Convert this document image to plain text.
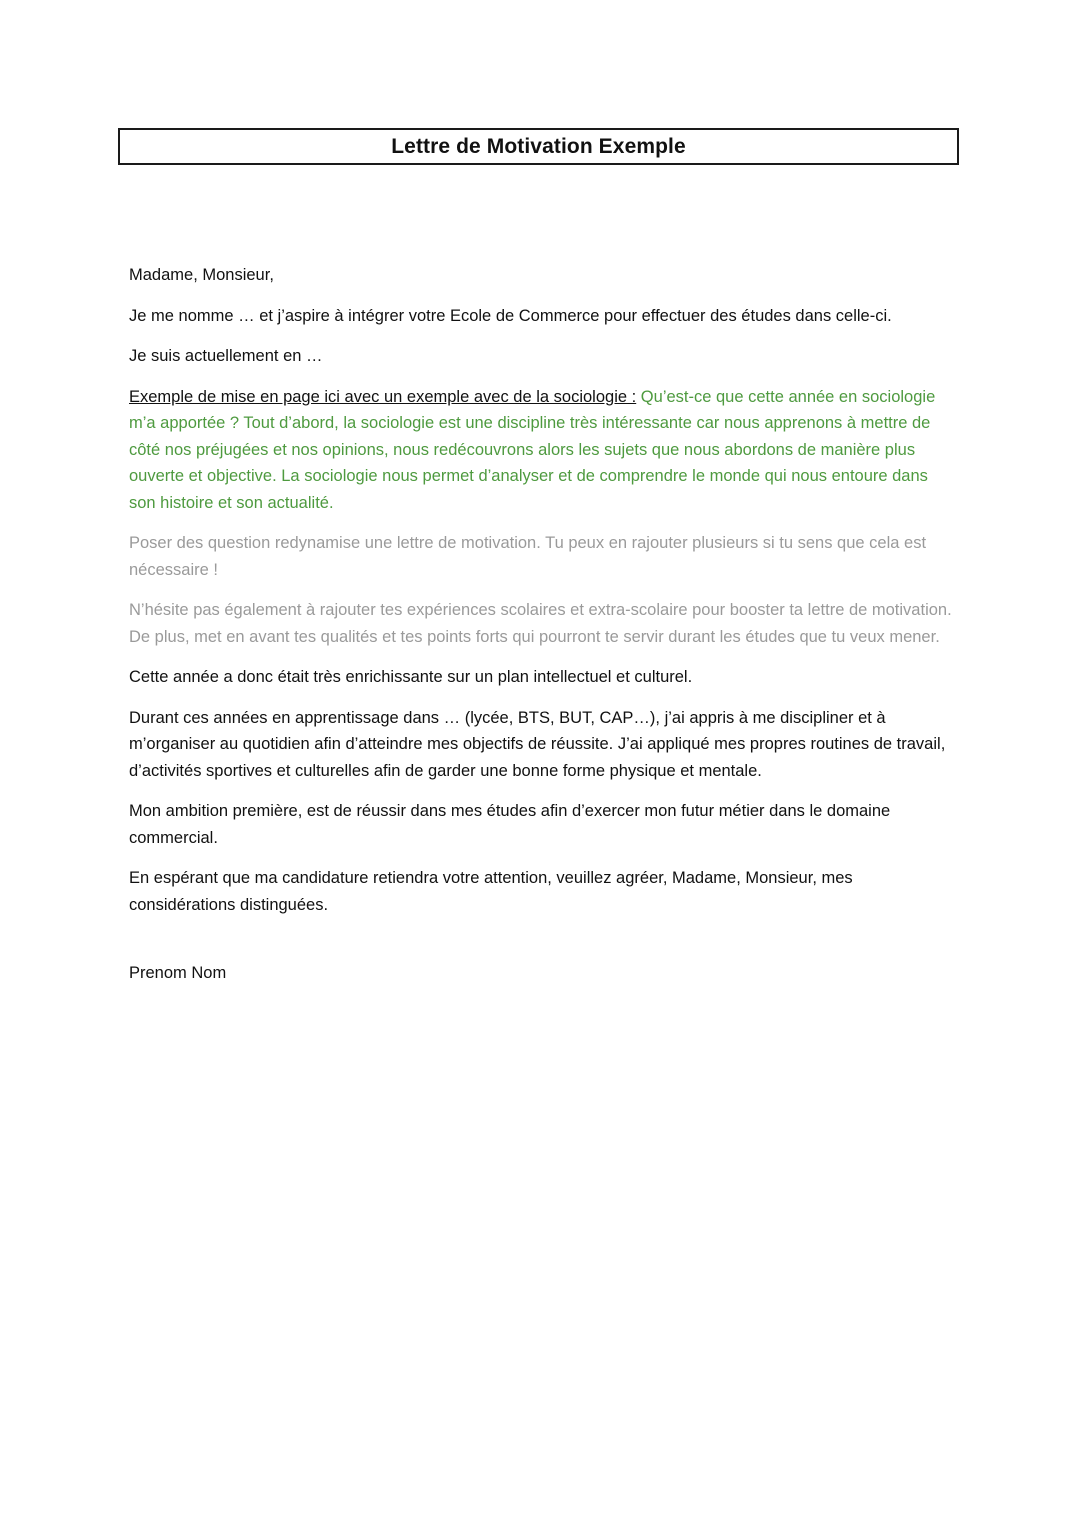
Lettre de Motivation Exemple

Madame, Monsieur,

Je me nomme … et j’aspire à intégrer votre Ecole de Commerce pour effectuer des études dans celle-ci.

Je suis actuellement en …

Exemple de mise en page ici avec un exemple avec de la sociologie : Qu’est-ce que cette année en sociologie m’a apportée ? Tout d’abord, la sociologie est une discipline très intéressante car nous apprenons à mettre de côté nos préjugées et nos opinions, nous redécouvrons alors les sujets que nous abordons de manière plus ouverte et objective. La sociologie nous permet d’analyser et de comprendre le monde qui nous entoure dans son histoire et son actualité.

Poser des question redynamise une lettre de motivation. Tu peux en rajouter plusieurs si tu sens que cela est nécessaire !

N’hésite pas également à rajouter tes expériences scolaires et extra-scolaire pour booster ta lettre de motivation. De plus, met en avant tes qualités et tes points forts qui pourront te servir durant les études que tu veux mener.

Cette année a donc était très enrichissante sur un plan intellectuel et culturel.

Durant ces années en apprentissage dans … (lycée, BTS, BUT, CAP…), j’ai appris à me discipliner et à m’organiser au quotidien afin d’atteindre mes objectifs de réussite. J’ai appliqué mes propres routines de travail, d’activités sportives et culturelles afin de garder une bonne forme physique et mentale.

Mon ambition première, est de réussir dans mes études afin d’exercer mon futur métier dans le domaine commercial.

En espérant que ma candidature retiendra votre attention, veuillez agréer, Madame, Monsieur, mes considérations distinguées.

Prenom Nom
